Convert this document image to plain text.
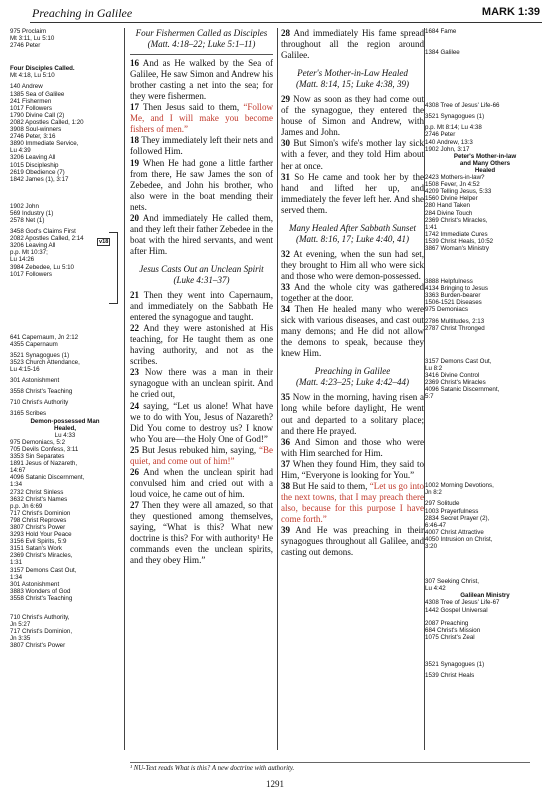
Preaching in Galilee	MARK 1:39
975 Proclaim
Mt 3:11, Lu 5:10
2746 Peter
Four Disciples Called.
Mt 4:18, Lu 5:10
140 Andrew
1385 Sea of Galilee
241 Fishermen
1017 Followers
1790 Divine Call (2)
2082 Apostles Called, 1:20
3908 Soul-winners
2746 Peter, 3:16
3890 Immediate Service,
Lu 4:39
3206 Leaving All
1015 Discipleship
2619 Obedience (7)
1842 James (1), 3:17
1902 John
569 Industry (1)
2578 Net (1)
3458 God's Claims First
2082 Apostles Called, 2:14
3206 Leaving All
p.p. Mt 10:37;
Lu 14:26
3984 Zebedee, Lu 5:10
1017 Followers
641 Capernaum, Jn 2:12
4355 Capernaum
3521 Synagogues (1)
3523 Church Attendance,
Lu 4:15-16
301 Astonishment
3558 Christ's Teaching
710 Christ's Authority
3165 Scribes
Demon-possessed Man
Healed,
Lu 4:33
975 Demoniacs, 5:2
705 Devils Confess, 3:11
3353 Sin Separates
1891 Jesus of Nazareth,
14:67
4096 Satanic Discernment,
1:34
2732 Christ Sinless
3632 Christ's Names
p.p. Jn 6:69
717 Christ's Dominion
798 Christ Reproves
3807 Christ's Power
3293 Hold Your Peace
3156 Evil Spirits, 5:9
3151 Satan's Work
2369 Christ's Miracles,
1:31
3157 Demons Cast Out,
1:34
301 Astonishment
3883 Wonders of God
3558 Christ's Teaching
710 Christ's Authority,
Jn 5:27
717 Christ's Dominion,
Jn 3:35
3807 Christ's Power
Four Fishermen Called as Disciples
(Matt. 4:18–22; Luke 5:1–11)
16 And as He walked by the Sea of Galilee, He saw Simon and Andrew his brother casting a net into the sea; for they were fishermen.
17 Then Jesus said to them, “Follow Me, and I will make you become fishers of men.”
18 They immediately left their nets and followed Him.
19 When He had gone a little farther from there, He saw James the son of Zebedee, and John his brother, who also were in the boat mending their nets.
20 And immediately He called them, and they left their father Zebedee in the boat with the hired servants, and went after Him.
Jesus Casts Out an Unclean Spirit
(Luke 4:31–37)
21 Then they went into Capernaum, and immediately on the Sabbath He entered the synagogue and taught.
22 And they were astonished at His teaching, for He taught them as one having authority, and not as the scribes.
23 Now there was a man in their synagogue with an unclean spirit. And he cried out,
24 saying, “Let us alone! What have we to do with You, Jesus of Nazareth? Did You come to destroy us? I know who You are—the Holy One of God!”
25 But Jesus rebuked him, saying, “Be quiet, and come out of him!”
26 And when the unclean spirit had convulsed him and cried out with a loud voice, he came out of him.
27 Then they were all amazed, so that they questioned among themselves, saying, “What is this? What new doctrine is this? For with authority¹ He commands even the unclean spirits, and they obey Him.”
28 And immediately His fame spread throughout all the region around Galilee.
Peter's Mother-in-Law Healed
(Matt. 8:14, 15; Luke 4:38, 39)
29 Now as soon as they had come out of the synagogue, they entered the house of Simon and Andrew, with James and John.
30 But Simon's wife's mother lay sick with a fever, and they told Him about her at once.
31 So He came and took her by the hand and lifted her up, and immediately the fever left her. And she served them.
Many Healed After Sabbath Sunset
(Matt. 8:16, 17; Luke 4:40, 41)
32 At evening, when the sun had set, they brought to Him all who were sick and those who were demon-possessed.
33 And the whole city was gathered together at the door.
34 Then He healed many who were sick with various diseases, and cast out many demons; and He did not allow the demons to speak, because they knew Him.
Preaching in Galilee
(Matt. 4:23–25; Luke 4:42–44)
35 Now in the morning, having risen a long while before daylight, He went out and departed to a solitary place; and there He prayed.
36 And Simon and those who were with Him searched for Him.
37 When they found Him, they said to Him, “Everyone is looking for You.”
38 But He said to them, “Let us go into the next towns, that I may preach there also, because for this purpose I have come forth.”
39 And He was preaching in their synagogues throughout all Galilee, and casting out demons.
1684 Fame
1384 Galilee
4308 Tree of Jesus' Life-66
3521 Synagogues (1)
p.p. Mt 8:14; Lu 4:38
2746 Peter
140 Andrew, 13:3
1902 John, 3:17
Peter's Mother-in-law
and Many Others
Healed
2423 Mothers-in-law?
1508 Fever, Jn 4:52
4209 Telling Jesus, 5:33
1560 Divine Helper
280 Hand Taken
284 Divine Touch
2369 Christ's Miracles,
1:41
1742 Immediate Cures
1539 Christ Heals, 10:52
3867 Woman's Ministry
3888 Helpfulness
4134 Bringing to Jesus
3363 Burden-bearer
1506-1521 Diseases
975 Demoniacs
2786 Multitudes, 2:13
2787 Christ Thronged
3157 Demons Cast Out,
Lu 8:2
3416 Divine Control
2369 Christ's Miracles
4096 Satanic Discernment,
5:7
1002 Morning Devotions,
Jn 8:2
297 Solitude
1003 Prayerfulness
2834 Secret Prayer (2),
6:46-47
4007 Christ Attractive
4050 Intrusion on Christ,
3:20
307 Seeking Christ,
Lu 4:42
Galilean Ministry
4308 Tree of Jesus' Life-67
1442 Gospel Universal
2087 Preaching
684 Christ's Mission
1075 Christ's Zeal
3521 Synagogues (1)
1539 Christ Heals
v18
¹ NU-Text reads What is this? A new doctrine with authority.
1291
